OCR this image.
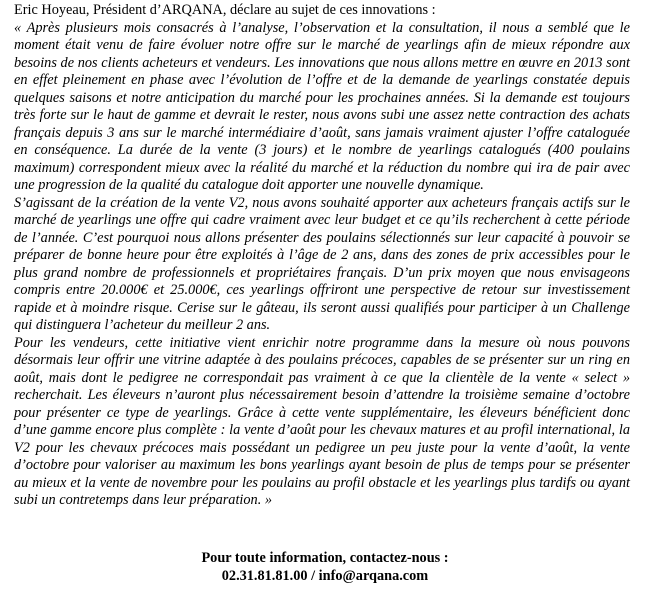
Eric Hoyeau, Président d’ARQANA, déclare au sujet de ces innovations :

« Après plusieurs mois consacrés à l’analyse, l’observation et la consultation, il nous a semblé que le moment était venu de faire évoluer notre offre sur le marché de yearlings afin de mieux répondre aux besoins de nos clients acheteurs et vendeurs. Les innovations que nous allons mettre en œuvre en 2013 sont en effet pleinement en phase avec l’évolution de l’offre et de la demande de yearlings constatée depuis quelques saisons et notre anticipation du marché pour les prochaines années. Si la demande est toujours très forte sur le haut de gamme et devrait le rester, nous avons subi une assez nette contraction des achats français depuis 3 ans sur le marché intermédiaire d’août, sans jamais vraiment ajuster l’offre cataloguée en conséquence. La durée de la vente (3 jours) et le nombre de yearlings catalogués (400 poulains maximum) correspondent mieux avec la réalité du marché et la réduction du nombre qui ira de pair avec une progression de la qualité du catalogue doit apporter une nouvelle dynamique.

S’agissant de la création de la vente V2, nous avons souhaité apporter aux acheteurs français actifs sur le marché de yearlings une offre qui cadre vraiment avec leur budget et ce qu’ils recherchent à cette période de l’année. C’est pourquoi nous allons présenter des poulains sélectionnés sur leur capacité à pouvoir se préparer de bonne heure pour être exploités à l’âge de 2 ans, dans des zones de prix accessibles pour le plus grand nombre de professionnels et propriétaires français. D’un prix moyen que nous envisageons compris entre 20.000€ et 25.000€, ces yearlings offriront une perspective de retour sur investissement rapide et à moindre risque. Cerise sur le gâteau, ils seront aussi qualifiés pour participer à un Challenge qui distinguera l’acheteur du meilleur 2 ans.

Pour les vendeurs, cette initiative vient enrichir notre programme dans la mesure où nous pouvons désormais leur offrir une vitrine adaptée à des poulains précoces, capables de se présenter sur un ring en août, mais dont le pedigree ne correspondait pas vraiment à ce que la clientèle de la vente « select » recherchait. Les éleveurs n’auront plus nécessairement besoin d’attendre la troisième semaine d’octobre pour présenter ce type de yearlings. Grâce à cette vente supplémentaire, les éleveurs bénéficient donc d’une gamme encore plus complète : la vente d’août pour les chevaux matures et au profil international, la V2 pour les chevaux précoces mais possédant un pedigree un peu juste pour la vente d’août, la vente d’octobre pour valoriser au maximum les bons yearlings ayant besoin de plus de temps pour se présenter au mieux et la vente de novembre pour les poulains au profil obstacle et les yearlings plus tardifs ou ayant subi un contretemps dans leur préparation. »

Pour toute information, contactez-nous :
02.31.81.81.00 / info@arqana.com
